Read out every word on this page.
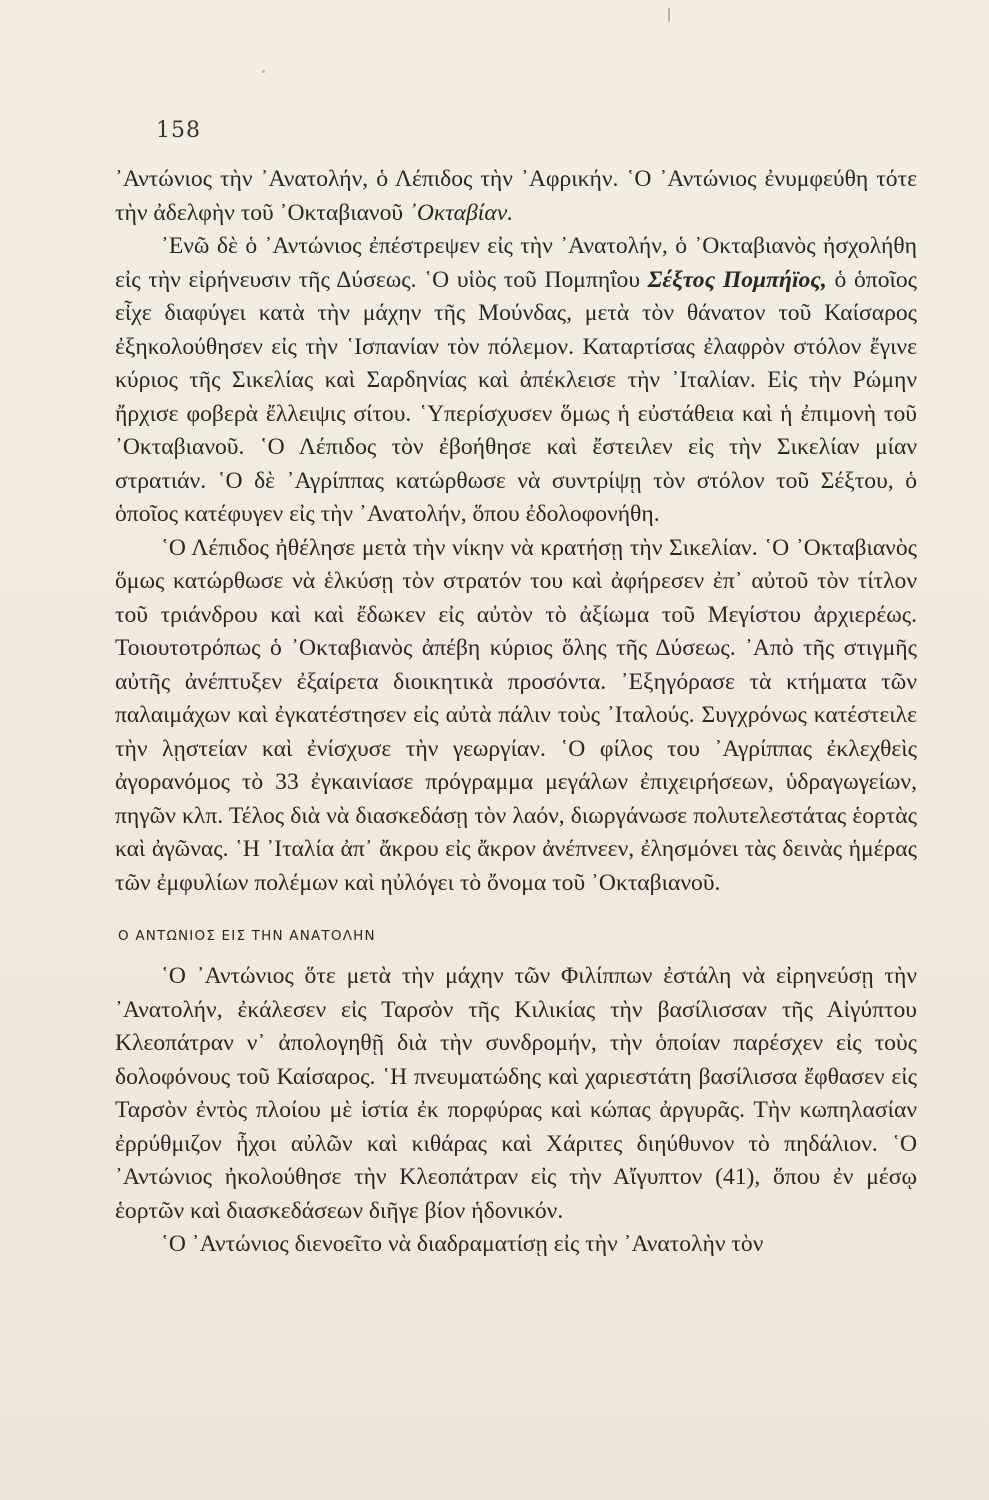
158

᾿Αντώνιος τὴν ᾿Ανατολήν, ὁ Λέπιδος τὴν ᾿Αφρικήν. ῾Ο ᾿Αντώνιος ἐνυμφεύθη τότε τὴν ἀδελφὴν τοῦ ᾿Οκταβιανοῦ ᾿Οκταβίαν.

᾿Ενῶ δὲ ὁ ᾿Αντώνιος ἐπέστρεψεν εἰς τὴν ᾿Ανατολήν, ὁ ᾿Οκταβιανὸς ἠσχολήθη εἰς τὴν εἰρήνευσιν τῆς Δύσεως. ῾Ο υἱὸς τοῦ Πομπηΐου Σέξτος Πομπήϊος, ὁ ὁποῖος εἶχε διαφύγει κατὰ τὴν μάχην τῆς Μούνδας, μετὰ τὸν θάνατον τοῦ Καίσαρος ἐξηκολούθησεν εἰς τὴν ῾Ισπανίαν τὸν πόλεμον. Καταρτίσας ἐλαφρὸν στόλον ἔγινε κύριος τῆς Σικελίας καὶ Σαρδηνίας καὶ ἀπέκλεισε τὴν ᾿Ιταλίαν. Εἰς τὴν Ρώμην ἤρχισε φοβερὰ ἔλλειψις σίτου. ῾Υπερίσχυσεν ὅμως ἡ εὐστάθεια καὶ ἡ ἐπιμονὴ τοῦ ᾿Οκταβιανοῦ. ῾Ο Λέπιδος τὸν ἐβοήθησε καὶ ἔστειλεν εἰς τὴν Σικελίαν μίαν στρατιάν. ῾Ο δὲ ᾿Αγρίππας κατώρθωσε νὰ συντρίψῃ τὸν στόλον τοῦ Σέξτου, ὁ ὁποῖος κατέφυγεν εἰς τὴν ᾿Ανατολήν, ὅπου ἐδολοφονήθη.

῾Ο Λέπιδος ἠθέλησε μετὰ τὴν νίκην νὰ κρατήσῃ τὴν Σικελίαν. ῾Ο ᾿Οκταβιανὸς ὅμως κατώρθωσε νὰ ἑλκύσῃ τὸν στρατόν του καὶ ἀφήρεσεν ἐπ᾿ αὐτοῦ τὸν τίτλον τοῦ τριάνδρου καὶ καὶ ἔδωκεν εἰς αὐτὸν τὸ ἀξίωμα τοῦ Μεγίστου ἀρχιερέως. Τοιουτοτρόπως ὁ ᾿Οκταβιανὸς ἀπέβη κύριος ὅλης τῆς Δύσεως. ᾿Απὸ τῆς στιγμῆς αὐτῆς ἀνέπτυξεν ἐξαίρετα διοικητικὰ προσόντα. ᾿Εξηγόρασε τὰ κτήματα τῶν παλαιμάχων καὶ ἐγκατέστησεν εἰς αὐτὰ πάλιν τοὺς ᾿Ιταλούς. Συγχρόνως κατέστειλε τὴν λῃστείαν καὶ ἐνίσχυσε τὴν γεωργίαν. ῾Ο φίλος του ᾿Αγρίππας ἐκλεχθεὶς ἀγορανόμος τὸ 33 ἐγκαινίασε πρόγραμμα μεγάλων ἐπιχειρήσεων, ὑδραγωγείων, πηγῶν κλπ. Τέλος διὰ νὰ διασκεδάσῃ τὸν λαόν, διωργάνωσε πολυτελεστάτας ἑορτὰς καὶ ἀγῶνας. ῾Η ᾿Ιταλία ἀπ᾿ ἄκρου εἰς ἄκρον ἀνέπνεεν, ἐλησμόνει τὰς δεινὰς ἡμέρας τῶν ἐμφυλίων πολέμων καὶ ηὐλόγει τὸ ὄνομα τοῦ ᾿Οκταβιανοῦ.

Ο ΑΝΤΩΝΙΟΣ ΕΙΣ ΤΗΝ ΑΝΑΤΟΛΗΝ

῾Ο ᾿Αντώνιος ὅτε μετὰ τὴν μάχην τῶν Φιλίππων ἐστάλη νὰ εἰρηνεύσῃ τὴν ᾿Ανατολήν, ἐκάλεσεν εἰς Ταρσὸν τῆς Κιλικίας τὴν βασίλισσαν τῆς Αἰγύπτου Κλεοπάτραν ν᾿ ἀπολογηθῇ διὰ τὴν συνδρομήν, τὴν ὁποίαν παρέσχεν εἰς τοὺς δολοφόνους τοῦ Καίσαρος. ῾Η πνευματώδης καὶ χαριεστάτη βασίλισσα ἔφθασεν εἰς Ταρσὸν ἐντὸς πλοίου μὲ ἱστία ἐκ πορφύρας καὶ κώπας ἀργυρᾶς. Τὴν κωπηλασίαν ἐρρύθμιζον ἦχοι αὐλῶν καὶ κιθάρας καὶ Χάριτες διηύθυνον τὸ πηδάλιον. ῾Ο ᾿Αντώνιος ἠκολούθησε τὴν Κλεοπάτραν εἰς τὴν Αἴγυπτον (41), ὅπου ἐν μέσῳ ἑορτῶν καὶ διασκεδάσεων διῆγε βίον ἡδονικόν.

῾Ο ᾿Αντώνιος διενοεῖτο νὰ διαδραματίσῃ εἰς τὴν ᾿Ανατολὴν τὸν
